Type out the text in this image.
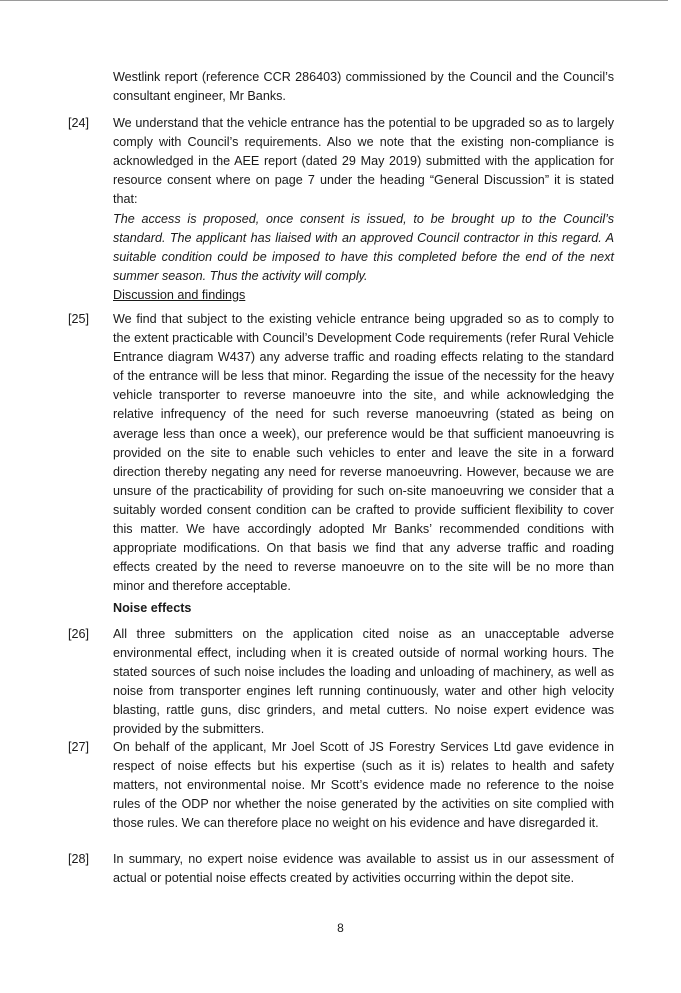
Westlink report (reference CCR 286403) commissioned by the Council and the Council’s consultant engineer, Mr Banks.

[24] We understand that the vehicle entrance has the potential to be upgraded so as to largely comply with Council’s requirements. Also we note that the existing non-compliance is acknowledged in the AEE report (dated 29 May 2019) submitted with the application for resource consent where on page 7 under the heading “General Discussion” it is stated that:

The access is proposed, once consent is issued, to be brought up to the Council’s standard. The applicant has liaised with an approved Council contractor in this regard. A suitable condition could be imposed to have this completed before the end of the next summer season. Thus the activity will comply.

Discussion and findings

[25] We find that subject to the existing vehicle entrance being upgraded so as to comply to the extent practicable with Council’s Development Code requirements (refer Rural Vehicle Entrance diagram W437) any adverse traffic and roading effects relating to the standard of the entrance will be less that minor. Regarding the issue of the necessity for the heavy vehicle transporter to reverse manoeuvre into the site, and while acknowledging the relative infrequency of the need for such reverse manoeuvring (stated as being on average less than once a week), our preference would be that sufficient manoeuvring is provided on the site to enable such vehicles to enter and leave the site in a forward direction thereby negating any need for reverse manoeuvring. However, because we are unsure of the practicability of providing for such on-site manoeuvring we consider that a suitably worded consent condition can be crafted to provide sufficient flexibility to cover this matter. We have accordingly adopted Mr Banks’ recommended conditions with appropriate modifications. On that basis we find that any adverse traffic and roading effects created by the need to reverse manoeuvre on to the site will be no more than minor and therefore acceptable.

Noise effects

[26] All three submitters on the application cited noise as an unacceptable adverse environmental effect, including when it is created outside of normal working hours. The stated sources of such noise includes the loading and unloading of machinery, as well as noise from transporter engines left running continuously, water and other high velocity blasting, rattle guns, disc grinders, and metal cutters. No noise expert evidence was provided by the submitters.

[27] On behalf of the applicant, Mr Joel Scott of JS Forestry Services Ltd gave evidence in respect of noise effects but his expertise (such as it is) relates to health and safety matters, not environmental noise. Mr Scott’s evidence made no reference to the noise rules of the ODP nor whether the noise generated by the activities on site complied with those rules. We can therefore place no weight on his evidence and have disregarded it.

[28] In summary, no expert noise evidence was available to assist us in our assessment of actual or potential noise effects created by activities occurring within the depot site.

8
